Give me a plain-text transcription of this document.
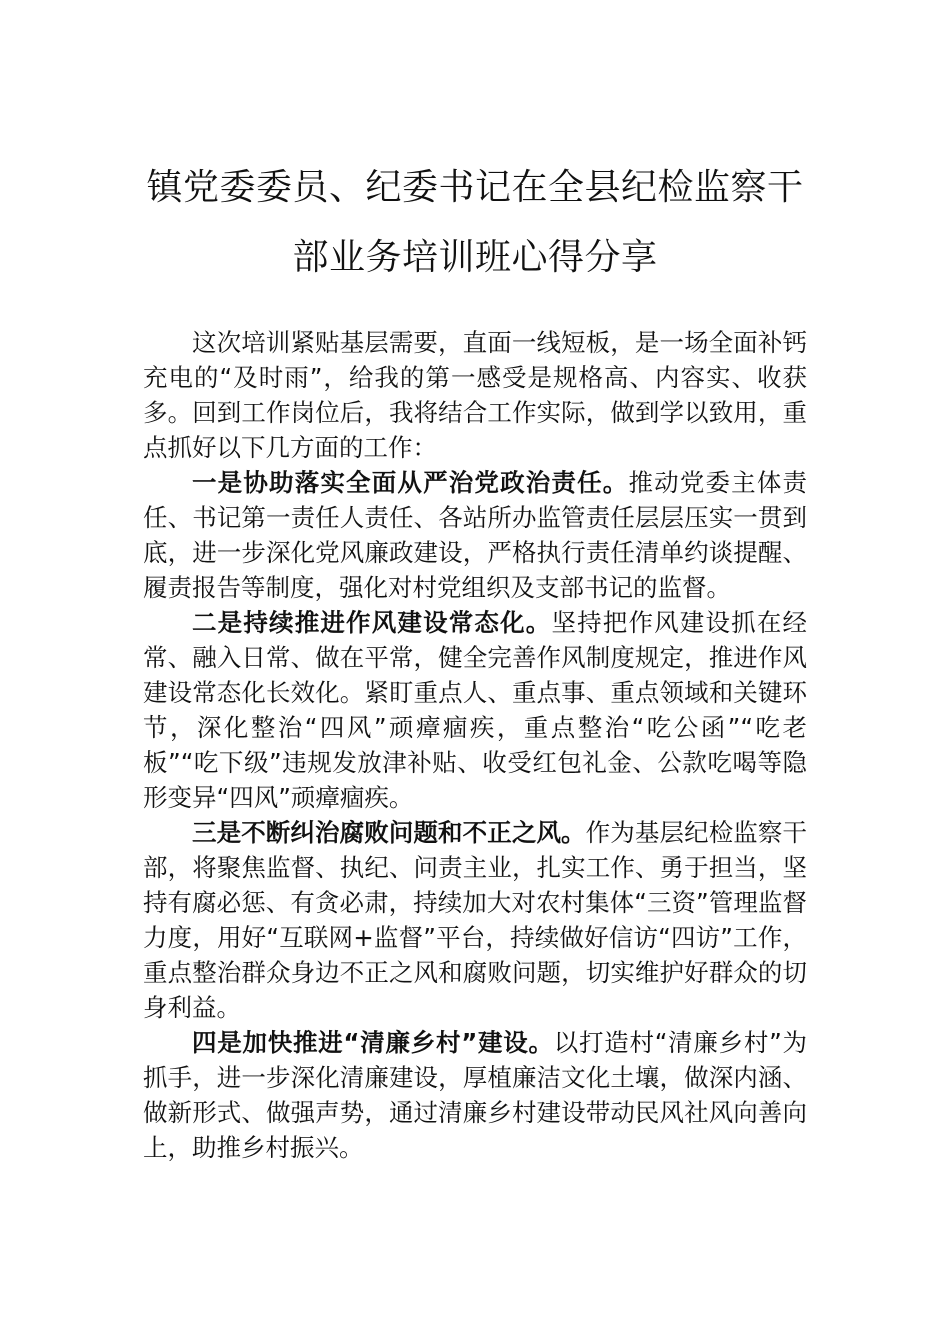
镇党委委员、纪委书记在全县纪检监察干
部业务培训班心得分享

这次培训紧贴基层需要，直面一线短板，是一场全面补钙充电的“及时雨”，给我的第一感受是规格高、内容实、收获多。回到工作岗位后，我将结合工作实际，做到学以致用，重点抓好以下几方面的工作：

一是协助落实全面从严治党政治责任。推动党委主体责任、书记第一责任人责任、各站所办监管责任层层压实一贯到底，进一步深化党风廉政建设，严格执行责任清单约谈提醒、履责报告等制度，强化对村党组织及支部书记的监督。

二是持续推进作风建设常态化。坚持把作风建设抓在经常、融入日常、做在平常，健全完善作风制度规定，推进作风建设常态化长效化。紧盯重点人、重点事、重点领域和关键环节，深化整治“四风”顽瘴痼疾，重点整治“吃公函”“吃老板”“吃下级”违规发放津补贴、收受红包礼金、公款吃喝等隐形变异“四风”顽瘴痼疾。

三是不断纠治腐败问题和不正之风。作为基层纪检监察干部，将聚焦监督、执纪、问责主业，扎实工作、勇于担当，坚持有腐必惩、有贪必肃，持续加大对农村集体“三资”管理监督力度，用好“互联网+监督”平台，持续做好信访“四访”工作，重点整治群众身边不正之风和腐败问题，切实维护好群众的切身利益。

四是加快推进“清廉乡村”建设。以打造村“清廉乡村”为抓手，进一步深化清廉建设，厚植廉洁文化土壤，做深内涵、做新形式、做强声势，通过清廉乡村建设带动民风社风向善向上，助推乡村振兴。
